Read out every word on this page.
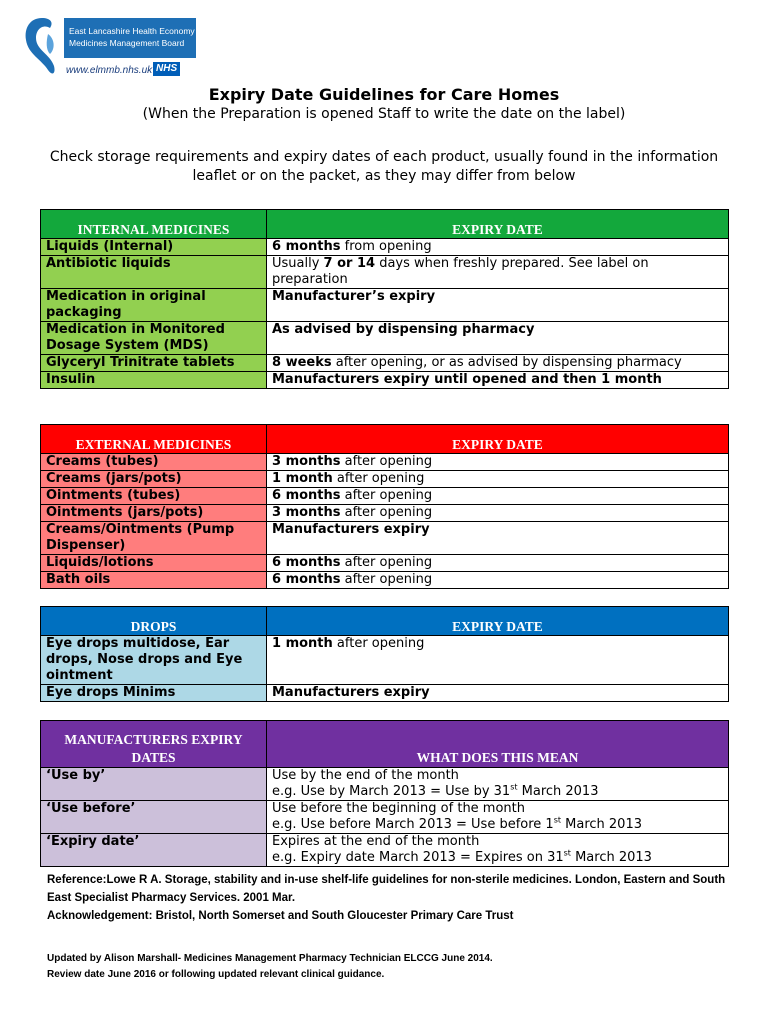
East Lancashire Health Economy Medicines Management Board
www.elmmb.nhs.uk NHS
Expiry Date Guidelines for Care Homes
(When the Preparation is opened Staff to write the date on the label)
Check storage requirements and expiry dates of each product, usually found in the information leaflet or on the packet, as they may differ from below
INTERNAL MEDICINES	EXPIRY DATE
Liquids (Internal)	6 months from opening
Antibiotic liquids	Usually 7 or 14 days when freshly prepared. See label on preparation
Medication in original packaging	Manufacturer’s expiry
Medication in Monitored Dosage System (MDS)	As advised by dispensing pharmacy
Glyceryl Trinitrate tablets	8 weeks after opening, or as advised by dispensing pharmacy
Insulin	Manufacturers expiry until opened and then 1 month
EXTERNAL MEDICINES	EXPIRY DATE
Creams (tubes)	3 months after opening
Creams (jars/pots)	1 month after opening
Ointments (tubes)	6 months after opening
Ointments (jars/pots)	3 months after opening
Creams/Ointments (Pump Dispenser)	Manufacturers expiry
Liquids/lotions	6 months after opening
Bath oils	6 months after opening
DROPS	EXPIRY DATE
Eye drops multidose, Ear drops, Nose drops and Eye ointment	1 month after opening
Eye drops Minims	Manufacturers expiry
MANUFACTURERS EXPIRY DATES	WHAT DOES THIS MEAN
‘Use by’	Use by the end of the month
e.g. Use by March 2013 = Use by 31st March 2013
‘Use before’	Use before the beginning of the month
e.g. Use before March 2013 = Use before 1st March 2013
‘Expiry date’	Expires at the end of the month
e.g. Expiry date March 2013 = Expires on 31st March 2013
Reference:Lowe R A. Storage, stability and in-use shelf-life guidelines for non-sterile medicines. London, Eastern and South East Specialist Pharmacy Services. 2001 Mar.
Acknowledgement: Bristol, North Somerset and South Gloucester Primary Care Trust
Updated by Alison Marshall- Medicines Management Pharmacy Technician ELCCG June 2014.
Review date June 2016 or following updated relevant clinical guidance.
